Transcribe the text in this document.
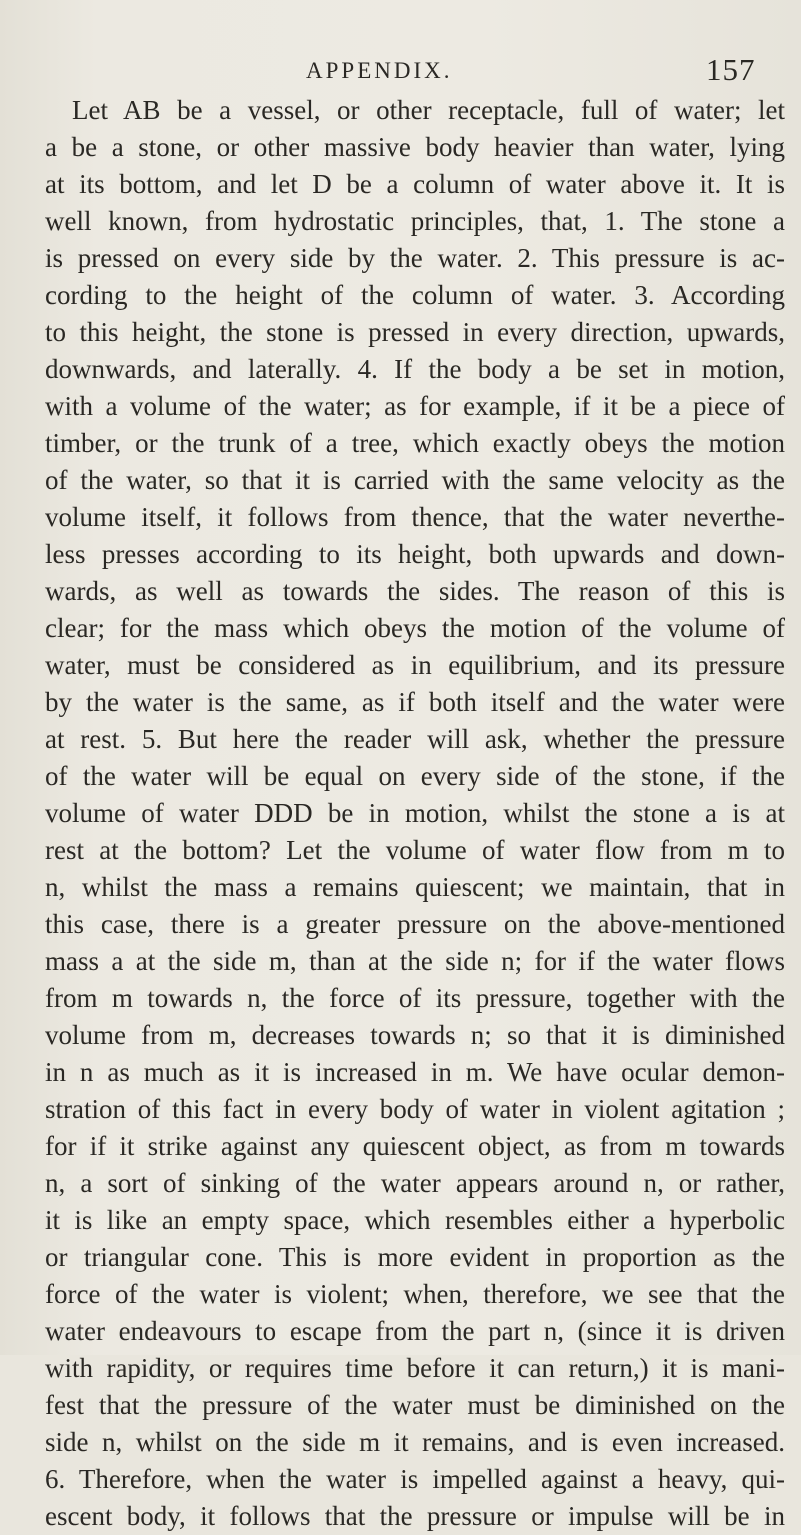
APPENDIX.	157
Let AB be a vessel, or other receptacle, full of water; let
a be a stone, or other massive body heavier than water, lying
at its bottom, and let D be a column of water above it. It is
well known, from hydrostatic principles, that, 1. The stone a
is pressed on every side by the water. 2. This pressure is ac-
cording to the height of the column of water. 3. According
to this height, the stone is pressed in every direction, upwards,
downwards, and laterally. 4. If the body a be set in motion,
with a volume of the water; as for example, if it be a piece of
timber, or the trunk of a tree, which exactly obeys the motion
of the water, so that it is carried with the same velocity as the
volume itself, it follows from thence, that the water neverthe-
less presses according to its height, both upwards and down-
wards, as well as towards the sides. The reason of this is
clear; for the mass which obeys the motion of the volume of
water, must be considered as in equilibrium, and its pressure
by the water is the same, as if both itself and the water were
at rest. 5. But here the reader will ask, whether the pressure
of the water will be equal on every side of the stone, if the
volume of water DDD be in motion, whilst the stone a is at
rest at the bottom? Let the volume of water flow from m to
n, whilst the mass a remains quiescent; we maintain, that in
this case, there is a greater pressure on the above-mentioned
mass a at the side m, than at the side n; for if the water flows
from m towards n, the force of its pressure, together with the
volume from m, decreases towards n; so that it is diminished
in n as much as it is increased in m. We have ocular demon-
stration of this fact in every body of water in violent agitation ;
for if it strike against any quiescent object, as from m towards
n, a sort of sinking of the water appears around n, or rather,
it is like an empty space, which resembles either a hyperbolic
or triangular cone. This is more evident in proportion as the
force of the water is violent; when, therefore, we see that the
water endeavours to escape from the part n, (since it is driven
with rapidity, or requires time before it can return,) it is mani-
fest that the pressure of the water must be diminished on the
side n, whilst on the side m it remains, and is even increased.
6. Therefore, when the water is impelled against a heavy, qui-
escent body, it follows that the pressure or impulse will be in
